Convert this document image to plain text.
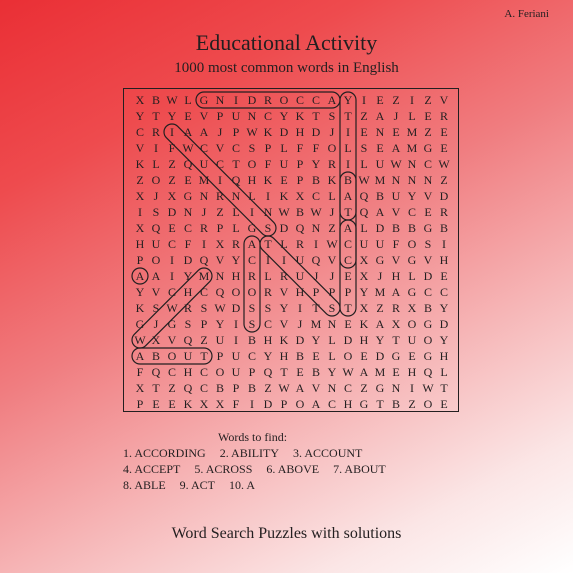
A. Feriani
Educational Activity
1000 most common words in English
X B W L G N I D R O C C A Y I E Z I Z V
Y T Y E V P U N C Y K T S T Z A J L E R
C R I A A J P W K D H D J I E N E M Z E
V I F W C V C S P L F F O L S E A M G E
K L Z Q U C T O F U P Y R I L U W N C W
Z O Z E M I Q H K E P B K B W M N N N Z
X J X G N R N L I K X C L A Q B U Y V D
I S D N J Z L I N W B W J T Q A V C E R
X Q E C R P L G S D Q N Z A L D B B G B
H U C F I X R A T L R I W C U U F O S I
P O I D Q V Y C I	I U Q V C X G V G V H
A A I Y M N H R L R U J J E X J H L D E
Y V C H C Q O O R V H P P P Y M A G C C
K S W R S W D S S Y I T S T X Z R X B Y
G J G S P Y I S C V J M N E K A X O G D
W X V Q Z U I B H K D Y L D H Y T U O Y
A B O U T P U C Y H B E L O E D G E G H
F Q C H C O U P Q T E B Y W A M E H Q L
X T Z Q C B P B Z W A V N C Z G N I W T
P E E K X X F I D P O A C H G T B Z O E
Words to find:
1. ACCORDING 2. ABILITY 3. ACCOUNT
4. ACCEPT 5. ACROSS 6. ABOVE 7. ABOUT
8. ABLE 9. ACT 10. A
Word Search Puzzles with solutions
